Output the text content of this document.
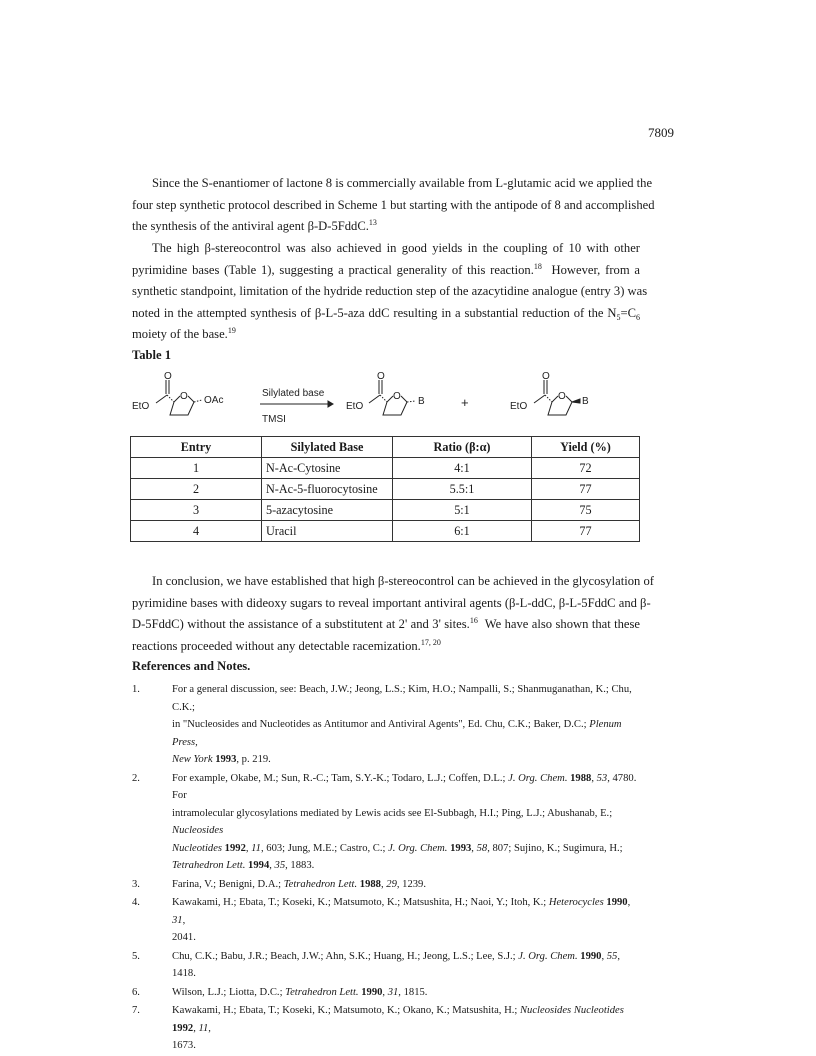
7809
Since the S-enantiomer of lactone 8 is commercially available from L-glutamic acid we applied the
four step synthetic protocol described in Scheme 1 but starting with the antipode of 8 and accomplished
the synthesis of the antiviral agent β-D-5FddC.$^{13}$
The high β-stereocontrol was also achieved in good yields in the coupling of 10 with other
pyrimidine bases (Table 1), suggesting a practical generality of this reaction.$^{18}$ However, from a
synthetic standpoint, limitation of the hydride reduction step of the azacytidine analogue (entry 3) was
noted in the attempted synthesis of β-L-5-aza ddC resulting in a substantial reduction of the $N_5=C_6$
moiety of the base.$^{19}$
Table 1
O
EtO
O OAc
Silylated base
TMSI
O
EtO
O B	+
O
EtO
O B
Entry	Silylated Base	Ratio (β:α)	Yield (%)
1	N-Ac-Cytosine	4:1	72
2	N-Ac-5-fluorocytosine	5.5:1	77
3	5-azacytosine	5:1	75
4	Uracil	6:1	77
In conclusion, we have established that high β-stereocontrol can be achieved in the glycosylation of
pyrimidine bases with dideoxy sugars to reveal important antiviral agents (β-L-ddC, β-L-5FddC and β-
D-5FddC) without the assistance of a substitutent at 2' and 3' sites.$^{16}$ We have also shown that these
reactions proceeded without any detectable racemization.$^{17, 20}$
References and Notes.
1.	For a general discussion, see: Beach, J.W.; Jeong, L.S.; Kim, H.O.; Nampalli, S.; Shanmuganathan, K.; Chu, C.K.;
in "Nucleosides and Nucleotides as Antitumor and Antiviral Agents", Ed. Chu, C.K.; Baker, D.C.; Plenum Press,
New York 1993, p. 219.
2.	For example, Okabe, M.; Sun, R.-C.; Tam, S.Y.-K.; Todaro, L.J.; Coffen, D.L.; J. Org. Chem. 1988, 53, 4780. For
intramolecular glycosylations mediated by Lewis acids see El-Subbagh, H.I.; Ping, L.J.; Abushanab, E.; Nucleosides
Nucleotides 1992, 11, 603; Jung, M.E.; Castro, C.; J. Org. Chem. 1993, 58, 807; Sujino, K.; Sugimura, H.;
Tetrahedron Lett. 1994, 35, 1883.
3.	Farina, V.; Benigni, D.A.; Tetrahedron Lett. 1988, 29, 1239.
4.	Kawakami, H.; Ebata, T.; Koseki, K.; Matsumoto, K.; Matsushita, H.; Naoi, Y.; Itoh, K.; Heterocycles 1990, 31,
2041.
5.	Chu, C.K.; Babu, J.R.; Beach, J.W.; Ahn, S.K.; Huang, H.; Jeong, L.S.; Lee, S.J.; J. Org. Chem. 1990, 55, 1418.
6.	Wilson, L.J.; Liotta, D.C.; Tetrahedron Lett. 1990, 31, 1815.
7.	Kawakami, H.; Ebata, T.; Koseki, K.; Matsumoto, K.; Okano, K.; Matsushita, H.; Nucleosides Nucleotides 1992, 11,
1673.
